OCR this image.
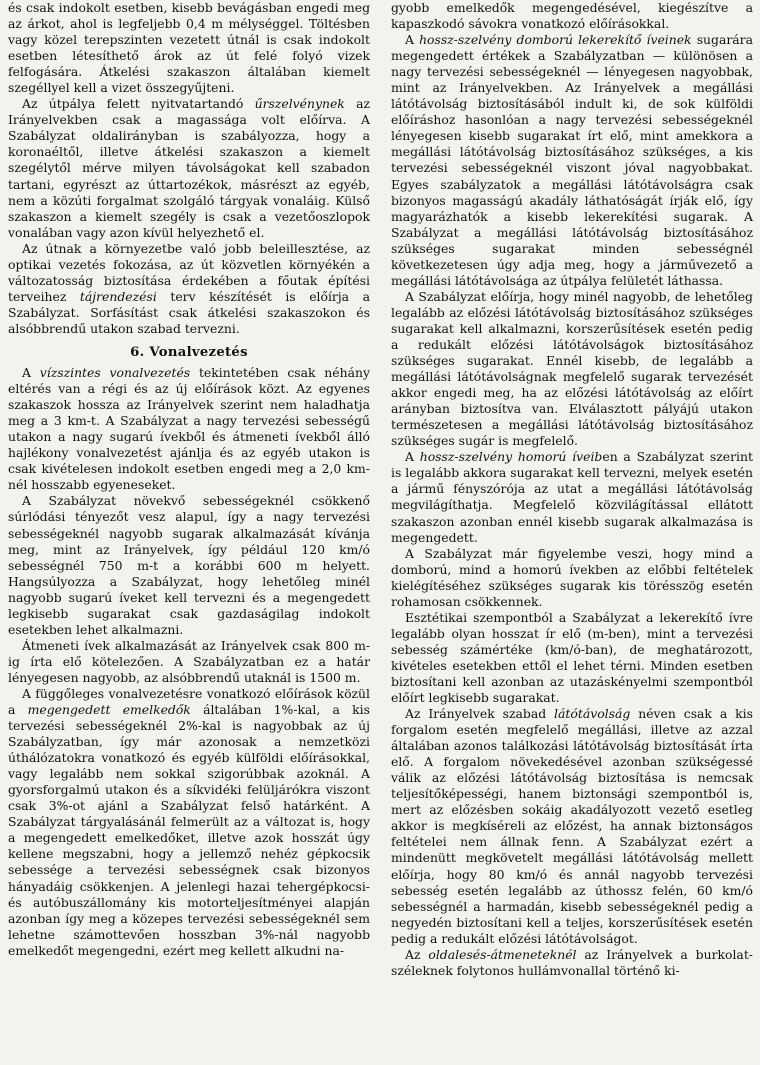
és csak indokolt esetben, kisebb bevágásban engedi meg az árkot, ahol is legfeljebb 0,4 m mélységgel. Töltésben vagy közel terepszinten vezetett útnál is csak indokolt esetben létesíthető árok az út felé folyó vizek felfogására. Átkelési szakaszon általában kiemelt szegéllyel kell a vizet összegyűjteni.

Az útpálya felett nyitvatartandó űrszelvénynek az Irányelvekben csak a magassága volt előírva. A Szabályzat oldalirányban is szabályozza, hogy a koronaéltől, illetve átkelési szakaszon a kiemelt szegélytől mérve milyen távolságokat kell szabadon tartani, egyrészt az úttartozékok, másrészt az egyéb, nem a közúti forgalmat szolgáló tárgyak vonaláig. Külső szakaszon a kiemelt szegély is csak a vezetőoszlopok vonalában vagy azon kívül helyezhető el.

Az útnak a környezetbe való jobb beleillesztése, az optikai vezetés fokozása, az út közvetlen környékén a változatosság biztosítása érdekében a főutak építési terveihez tájrendezési terv készítését is előírja a Szabályzat. Sorfásítást csak átkelési szakaszokon és alsóbbrendű utakon szabad tervezni.

6. Vonalvezetés

A vízszintes vonalvezetés tekintetében csak néhány eltérés van a régi és az új előírások közt. Az egyenes szakaszok hossza az Irányelvek szerint nem haladhatja meg a 3 km-t. A Szabályzat a nagy tervezési sebességű utakon a nagy sugarú ívekből és átmeneti ívekből álló hajlékony vonalvezetést ajánlja és az egyéb utakon is csak kivételesen indokolt esetben engedi meg a 2,0 km-nél hosszabb egyeneseket.

A Szabályzat növekvő sebességeknél csökkenő súrlódási tényezőt vesz alapul, így a nagy tervezési sebességeknél nagyobb sugarak alkalmazását kívánja meg, mint az Irányelvek, így például 120 km/ó sebességnél 750 m-t a korábbi 600 m helyett. Hangsúlyozza a Szabályzat, hogy lehetőleg minél nagyobb sugarú íveket kell tervezni és a megengedett legkisebb sugarakat csak gazdaságilag indokolt esetekben lehet alkalmazni.

Átmeneti ívek alkalmazását az Irányelvek csak 800 m-ig írta elő kötelezően. A Szabályzatban ez a határ lényegesen nagyobb, az alsóbbrendű utaknál is 1500 m.

A függőleges vonalvezetésre vonatkozó előírások közül a megengedett emelkedők általában 1%-kal, a kis tervezési sebességeknél 2%-kal is nagyobbak az új Szabályzatban, így már azonosak a nemzetközi úthálózatokra vonatkozó és egyéb külföldi előírásokkal, vagy legalább nem sokkal szigorúbbak azoknál. A gyorsforgalmú utakon és a síkvidéki felüljárókra viszont csak 3%-ot ajánl a Szabályzat felső határként. A Szabályzat tárgyalásánál felmerült az a változat is, hogy a megengedett emelkedőket, illetve azok hosszát úgy kellene megszabni, hogy a jellemző nehéz gépkocsik sebessége a tervezési sebességnek csak bizonyos hányadáig csökkenjen. A jelenlegi hazai tehergépkocsi- és autóbuszállomány kis motorteljesítményei alapján azonban így meg a közepes tervezési sebességeknél sem lehetne számottevően hosszban 3%-nál nagyobb emelkedőt megengedni, ezért meg kellett alkudni na-

gyobb emelkedők megengedésével, kiegészítve a kapaszkodó sávokra vonatkozó előírásokkal.

A hossz-szelvény domború lekerekítő íveinek sugarára megengedett értékek a Szabályzatban — különösen a nagy tervezési sebességeknél — lényegesen nagyobbak, mint az Irányelvekben. Az Irányelvek a megállási látótávolság biztosításából indult ki, de sok külföldi előíráshoz hasonlóan a nagy tervezési sebességeknél lényegesen kisebb sugarakat írt elő, mint amekkora a megállási látótávolság biztosításához szükséges, a kis tervezési sebességeknél viszont jóval nagyobbakat. Egyes szabályzatok a megállási látótávolságra csak bizonyos magasságú akadály láthatóságát írják elő, így magyarázhatók a kisebb lekerekítési sugarak. A Szabályzat a megállási látótávolság biztosításához szükséges sugarakat minden sebességnél következetesen úgy adja meg, hogy a járművezető a megállási látótávolsága az útpálya felületét láthassa.

A Szabályzat előírja, hogy minél nagyobb, de lehetőleg legalább az előzési látótávolság biztosításához szükséges sugarakat kell alkalmazni, korszerűsítések esetén pedig a redukált előzési látótávolságok biztosításához szükséges sugarakat. Ennél kisebb, de legalább a megállási látótávolságnak megfelelő sugarak tervezését akkor engedi meg, ha az előzési látótávolság az előírt arányban biztosítva van. Elválasztott pályájú utakon természetesen a megállási látótávolság biztosításához szükséges sugár is megfelelő.

A hossz-szelvény homorú íveiben a Szabályzat szerint is legalább akkora sugarakat kell tervezni, melyek esetén a jármű fényszórója az utat a megállási látótávolság megvilágíthatja. Megfelelő közvilágítással ellátott szakaszon azonban ennél kisebb sugarak alkalmazása is megengedett.

A Szabályzat már figyelembe veszi, hogy mind a domború, mind a homorú ívekben az előbbi feltételek kielégítéséhez szükséges sugarak kis törésszög esetén rohamosan csökkennek.

Esztétikai szempontból a Szabályzat a lekerekítő ívre legalább olyan hosszat ír elő (m-ben), mint a tervezési sebesség számértéke (km/ó-ban), de meghatározott, kivételes esetekben ettől el lehet térni. Minden esetben biztosítani kell azonban az utazáskényelmi szempontból előírt legkisebb sugarakat.

Az Irányelvek szabad látótávolság néven csak a kis forgalom esetén megfelelő megállási, illetve az azzal általában azonos találkozási látótávolság biztosítását írta elő. A forgalom növekedésével azonban szükségessé válik az előzési látótávolság biztosítása is nemcsak teljesítőképességi, hanem biztonsági szempontból is, mert az előzésben sokáig akadályozott vezető esetleg akkor is megkíséreli az előzést, ha annak biztonságos feltételei nem állnak fenn. A Szabályzat ezért a mindenütt megkövetelt megállási látótávolság mellett előírja, hogy 80 km/ó és annál nagyobb tervezési sebesség esetén legalább az úthossz felén, 60 km/ó sebességnél a harmadán, kisebb sebességeknél pedig a negyedén biztosítani kell a teljes, korszerűsítések esetén pedig a redukált előzési látótávolságot.

Az oldalesés-átmeneteknél az Irányelvek a burkolat-széleknek folytonos hullámvonallal történő ki-
